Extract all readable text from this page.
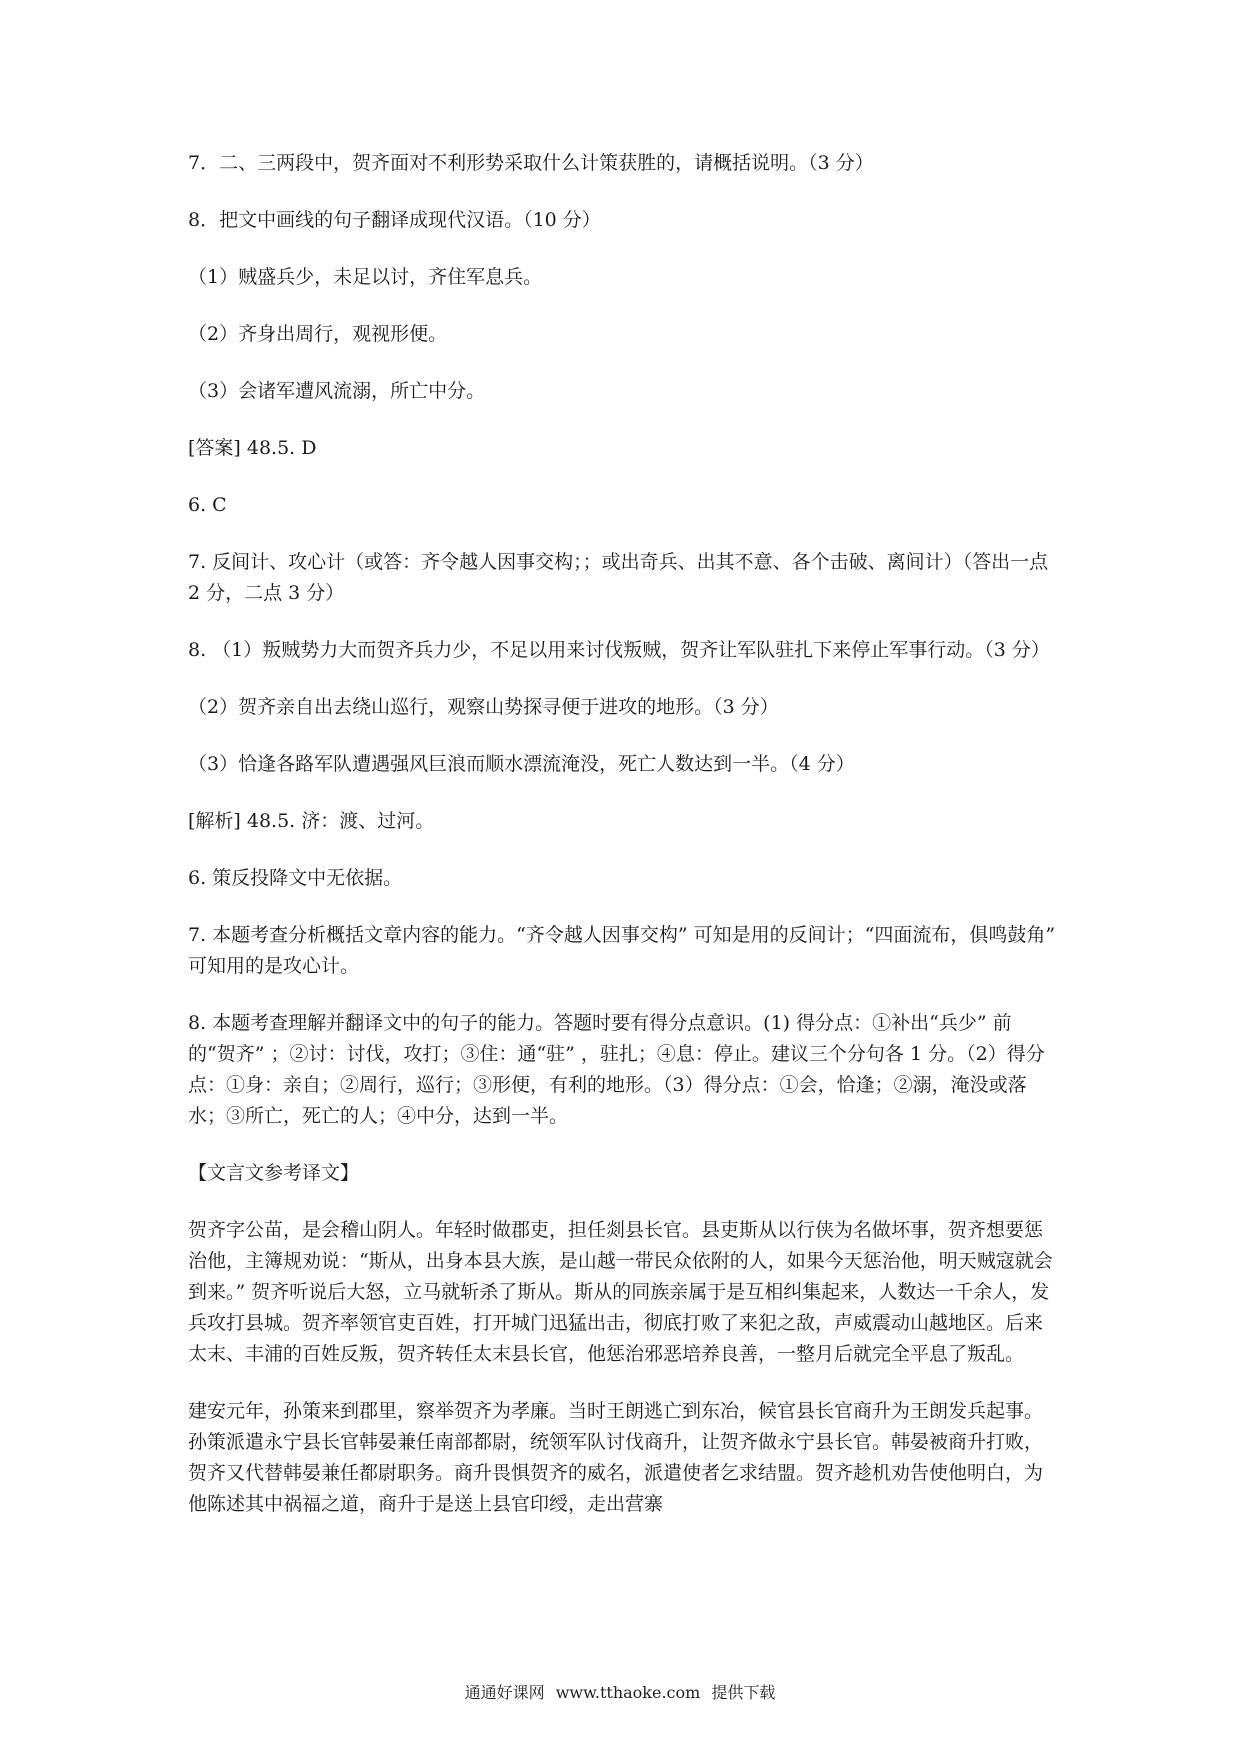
7．二、三两段中，贺齐面对不利形势采取什么计策获胜的，请概括说明。（3 分）

8．把文中画线的句子翻译成现代汉语。（10 分）

（1）贼盛兵少，未足以讨，齐住军息兵。

（2）齐身出周行，观视形便。

（3）会诸军遭风流溺，所亡中分。

[答案] 48.5. D

6. C

7. 反间计、攻心计（或答：齐令越人因事交构；；或出奇兵、出其不意、各个击破、离间计）（答出一点 2 分，二点 3 分）

8. （1）叛贼势力大而贺齐兵力少，不足以用来讨伐叛贼，贺齐让军队驻扎下来停止军事行动。（3 分）

（2）贺齐亲自出去绕山巡行，观察山势探寻便于进攻的地形。（3 分）

（3）恰逢各路军队遭遇强风巨浪而顺水漂流淹没，死亡人数达到一半。（4 分）

[解析] 48.5. 济：渡、过河。

6. 策反投降文中无依据。

7. 本题考查分析概括文章内容的能力。“齐令越人因事交构” 可知是用的反间计；“四面流布，俱鸣鼓角” 可知用的是攻心计。

8. 本题考查理解并翻译文中的句子的能力。答题时要有得分点意识。(1) 得分点：①补出“兵少” 前的“贺齐” ；②讨：讨伐，攻打；③住：通“驻” ，驻扎；④息：停止。建议三个分句各 1 分。（2）得分点：①身：亲自；②周行，巡行；③形便，有利的地形。（3）得分点：①会，恰逢；②溺，淹没或落水；③所亡，死亡的人；④中分，达到一半。

【文言文参考译文】

贺齐字公苗，是会稽山阴人。年轻时做郡吏，担任剡县长官。县吏斯从以行侠为名做坏事，贺齐想要惩治他，主簿规劝说：“斯从，出身本县大族，是山越一带民众依附的人，如果今天惩治他，明天贼寇就会到来。” 贺齐听说后大怒，立马就斩杀了斯从。斯从的同族亲属于是互相纠集起来，人数达一千余人，发兵攻打县城。贺齐率领官吏百姓，打开城门迅猛出击，彻底打败了来犯之敌，声威震动山越地区。后来太末、丰浦的百姓反叛，贺齐转任太末县长官，他惩治邪恶培养良善，一整月后就完全平息了叛乱。

建安元年，孙策来到郡里，察举贺齐为孝廉。当时王朗逃亡到东冶，候官县长官商升为王朗发兵起事。孙策派遣永宁县长官韩晏兼任南部都尉，统领军队讨伐商升，让贺齐做永宁县长官。韩晏被商升打败，贺齐又代替韩晏兼任都尉职务。商升畏惧贺齐的威名，派遣使者乞求结盟。贺齐趁机劝告使他明白，为他陈述其中祸福之道，商升于是送上县官印绶，走出营寨

通通好课网 www.tthaoke.com 提供下载
